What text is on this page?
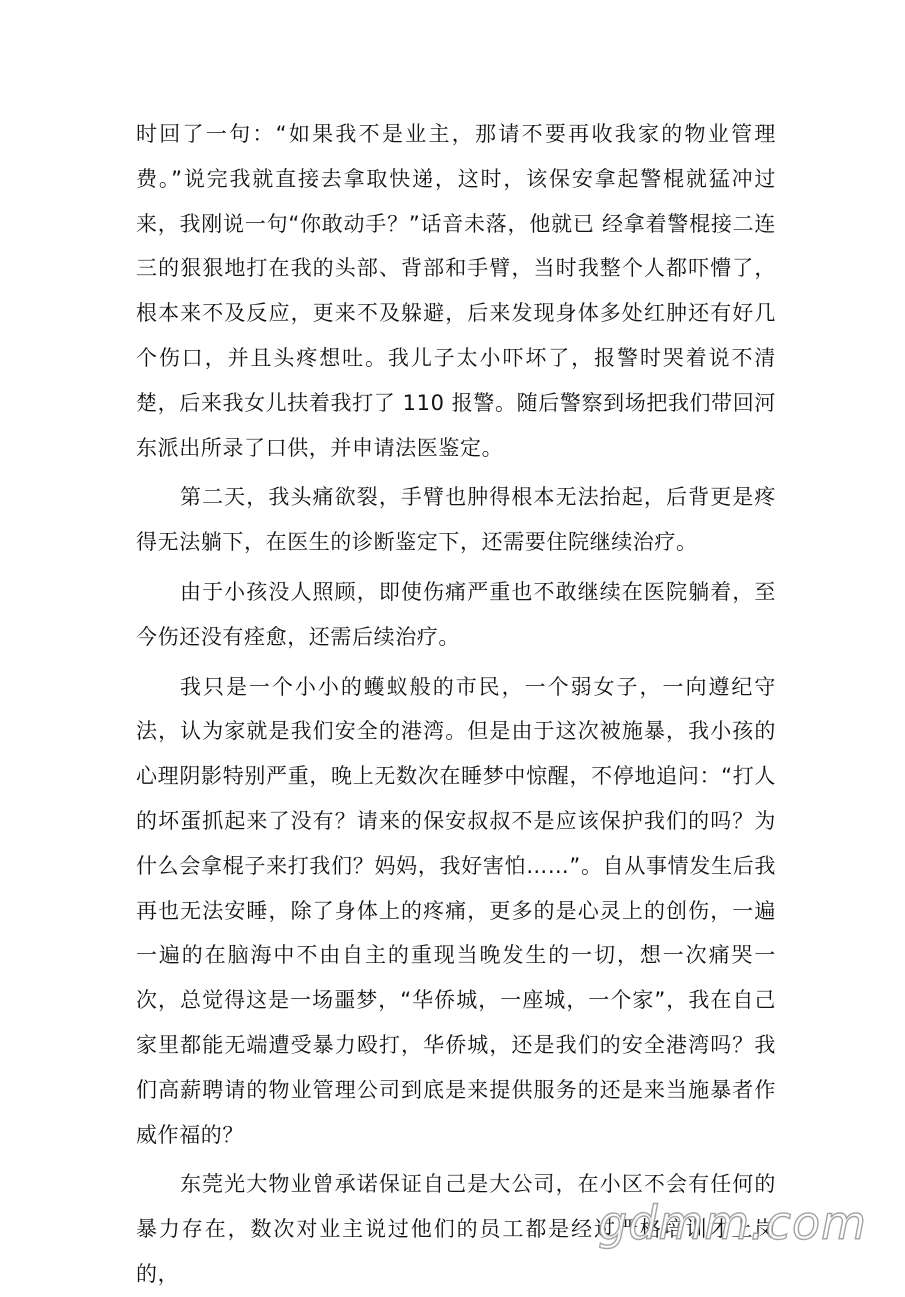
时回了一句：“如果我不是业主，那请不要再收我家的物业管理费。”说完我就直接去拿取快递，这时，该保安拿起警棍就猛冲过来，我刚说一句“你敢动手？”话音未落，他就已 经拿着警棍接二连三的狠狠地打在我的头部、背部和手臂，当时我整个人都吓懵了，根本来不及反应，更来不及躲避，后来发现身体多处红肿还有好几个伤口，并且头疼想吐。我儿子太小吓坏了，报警时哭着说不清楚，后来我女儿扶着我打了 110 报警。随后警察到场把我们带回河东派出所录了口供，并申请法医鉴定。

第二天，我头痛欲裂，手臂也肿得根本无法抬起，后背更是疼得无法躺下，在医生的诊断鉴定下，还需要住院继续治疗。

由于小孩没人照顾，即使伤痛严重也不敢继续在医院躺着，至今伤还没有痊愈，还需后续治疗。

我只是一个小小的蠖蚁般的市民，一个弱女子，一向遵纪守法，认为家就是我们安全的港湾。但是由于这次被施暴，我小孩的心理阴影特别严重，晚上无数次在睡梦中惊醒，不停地追问：“打人的坏蛋抓起来了没有？请来的保安叔叔不是应该保护我们的吗？为什么会拿棍子来打我们？妈妈，我好害怕……”。自从事情发生后我再也无法安睡，除了身体上的疼痛，更多的是心灵上的创伤，一遍一遍的在脑海中不由自主的重现当晚发生的一切，想一次痛哭一次，总觉得这是一场噩梦，“华侨城，一座城，一个家”，我在自己家里都能无端遭受暴力殴打，华侨城，还是我们的安全港湾吗？我们高薪聘请的物业管理公司到底是来提供服务的还是来当施暴者作威作福的？

东莞光大物业曾承诺保证自己是大公司，在小区不会有任何的暴力存在，数次对业主说过他们的员工都是经过严格培训才上岗的，

gdmm.com
